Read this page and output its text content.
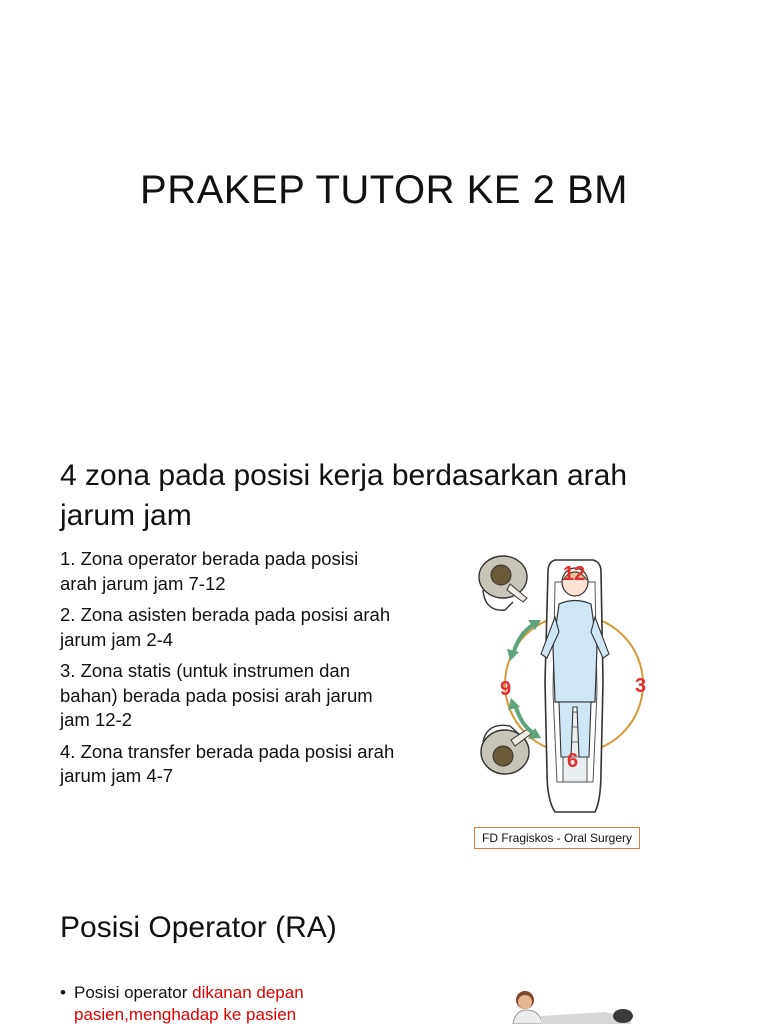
PRAKEP TUTOR KE 2 BM
4 zona pada posisi kerja berdasarkan arah jarum jam
1. Zona operator berada pada posisi arah jarum jam 7-12
2. Zona asisten berada pada posisi arah jarum jam 2-4
3. Zona statis (untuk instrumen dan bahan) berada pada posisi arah jarum jam 12-2
4. Zona transfer berada pada posisi arah jarum jam 4-7
12
3
6
9
FD Fragiskos - Oral Surgery
Posisi Operator (RA)
• Posisi operator dikanan depan
pasien,menghadap ke pasien
